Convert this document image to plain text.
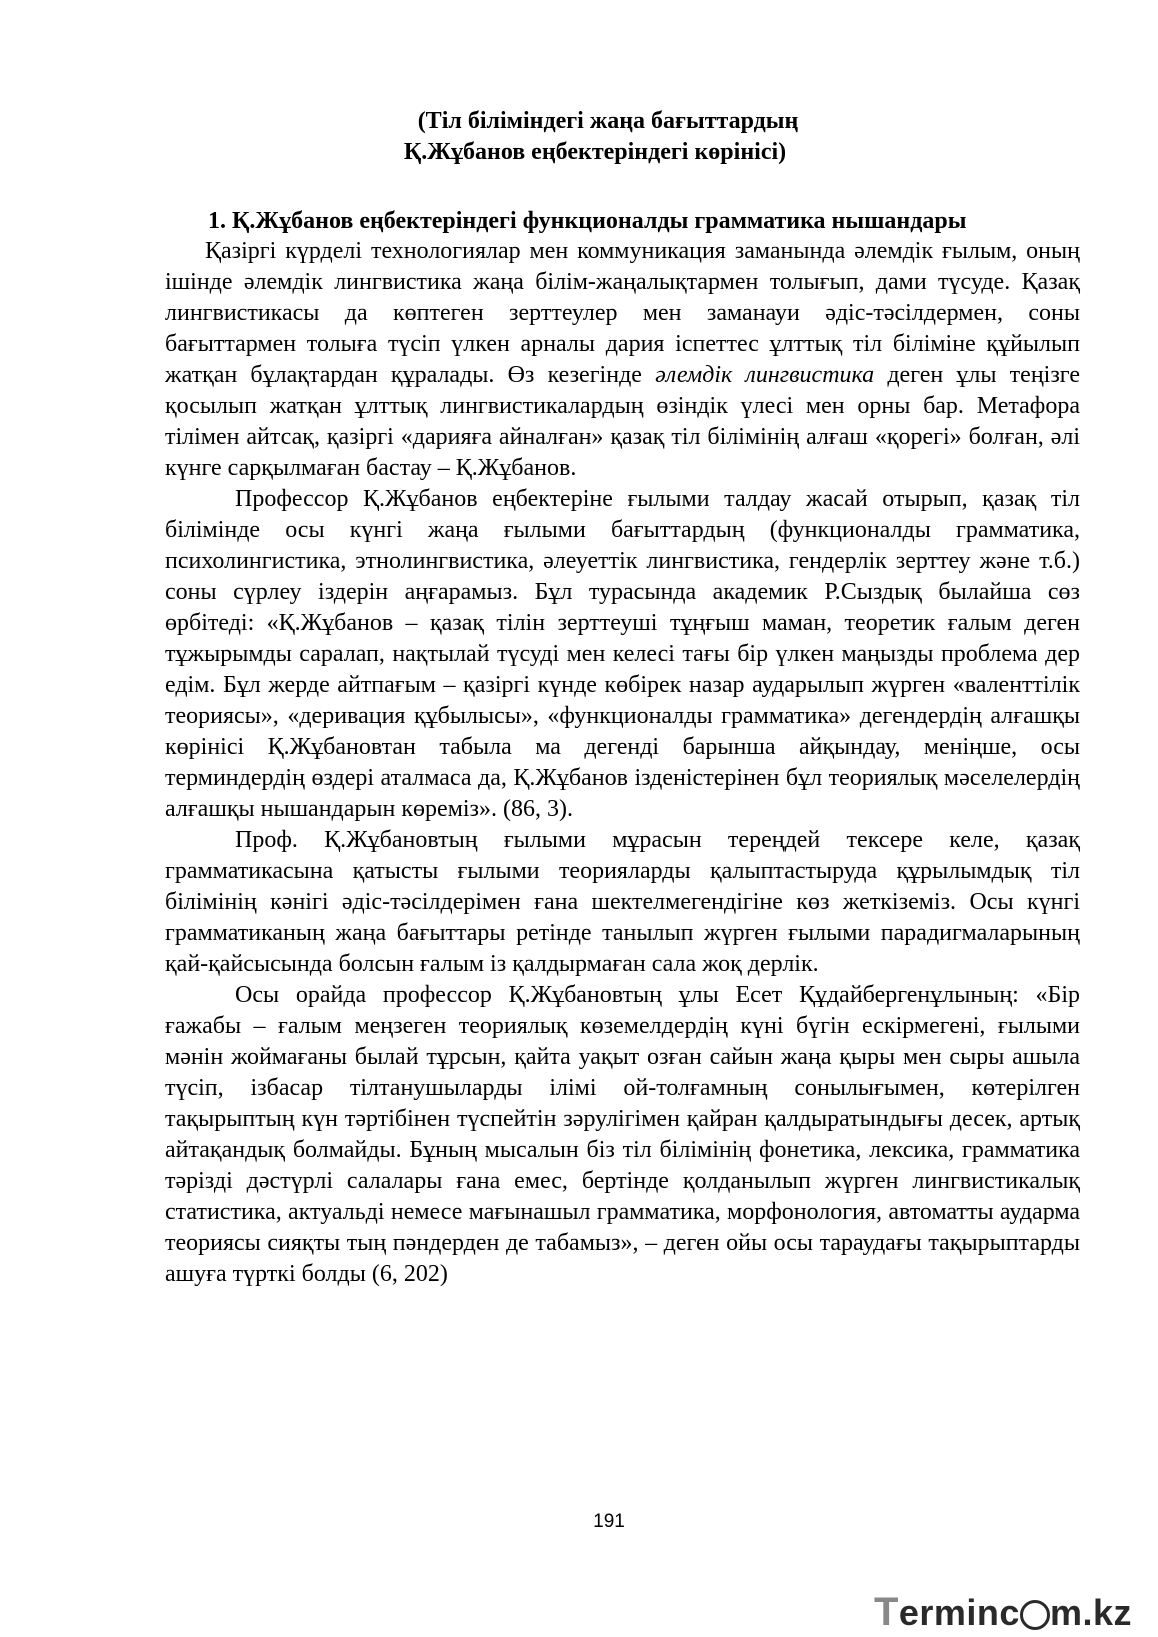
(Тіл біліміндегі жаңа бағыттардың
Қ.Жұбанов еңбектеріндегі көрінісі)
1. Қ.Жұбанов еңбектеріндегі функционалды грамматика нышандары

Қазіргі күрделі технологиялар мен коммуникация заманында әлемдік ғылым, оның ішінде әлемдік лингвистика жаңа білім-жаңалықтармен толығып, дами түсуде. Қазақ лингвистикасы да көптеген зерттеулер мен заманауи әдіс-тәсілдермен, соны бағыттармен толыға түсіп үлкен арналы дария іспеттес ұлттық тіл біліміне құйылып жатқан бұлақтардан құралады. Өз кезегінде әлемдік лингвистика деген ұлы теңізге қосылып жатқан ұлттық лингвистикалардың өзіндік үлесі мен орны бар. Метафора тілімен айтсақ, қазіргі «дарияға айналған» қазақ тіл білімінің алғаш «қорегі» болған, әлі күнге сарқылмаған бастау – Қ.Жұбанов.

Профессор Қ.Жұбанов еңбектеріне ғылыми талдау жасай отырып, қазақ тіл білімінде осы күнгі жаңа ғылыми бағыттардың (функционалды грамматика, психолингистика, этнолингвистика, әлеуеттік лингвистика, гендерлік зерттеу және т.б.) соны сүрлеу іздерін аңғарамыз. Бұл турасында академик Р.Сыздық былайша сөз өрбітеді: «Қ.Жұбанов – қазақ тілін зерттеуші тұңғыш маман, теоретик ғалым деген тұжырымды саралап, нақтылай түсуді мен келесі тағы бір үлкен маңызды проблема дер едім. Бұл жерде айтпағым – қазіргі күнде көбірек назар аударылып жүрген «валенттілік теориясы», «деривация құбылысы», «функционалды грамматика» дегендердің алғашқы көрінісі Қ.Жұбановтан табыла ма дегенді барынша айқындау, меніңше, осы терминдердің өздері аталмаса да, Қ.Жұбанов ізденістерінен бұл теориялық мәселелердің алғашқы нышандарын көреміз». (86, 3).

Проф. Қ.Жұбановтың ғылыми мұрасын тереңдей тексере келе, қазақ грамматикасына қатысты ғылыми теорияларды қалыптастыруда құрылымдық тіл білімінің кәнігі әдіс-тәсілдерімен ғана шектелмегендігіне көз жеткіземіз. Осы күнгі грамматиканың жаңа бағыттары ретінде танылып жүрген ғылыми парадигмаларының қай-қайсысында болсын ғалым із қалдырмаған сала жоқ дерлік.

Осы орайда профессор Қ.Жұбановтың ұлы Есет Құдайбергенұлының: «Бір ғажабы – ғалым меңзеген теориялық көземелдердің күні бүгін ескірмегені, ғылыми мәнін жоймағаны былай тұрсын, қайта уақыт озған сайын жаңа қыры мен сыры ашыла түсіп, ізбасар тілтанушыларды ілімі ой-толғамның сонылығымен, көтерілген тақырыптың күн тәртібінен түспейтін зәрулігімен қайран қалдыратындығы десек, артық айтақандық болмайды. Бұның мысалын біз тіл білімінің фонетика, лексика, грамматика тәрізді дәстүрлі салалары ғана емес, бертінде қолданылып жүрген лингвистикалық статистика, актуальді немесе мағынашыл грамматика, морфонология, автоматты аударма теориясы сияқты тың пәндерден де табамыз», – деген ойы осы тараудағы тақырыптарды ашуға түрткі болды (6, 202)

191
Terminc m.kz
